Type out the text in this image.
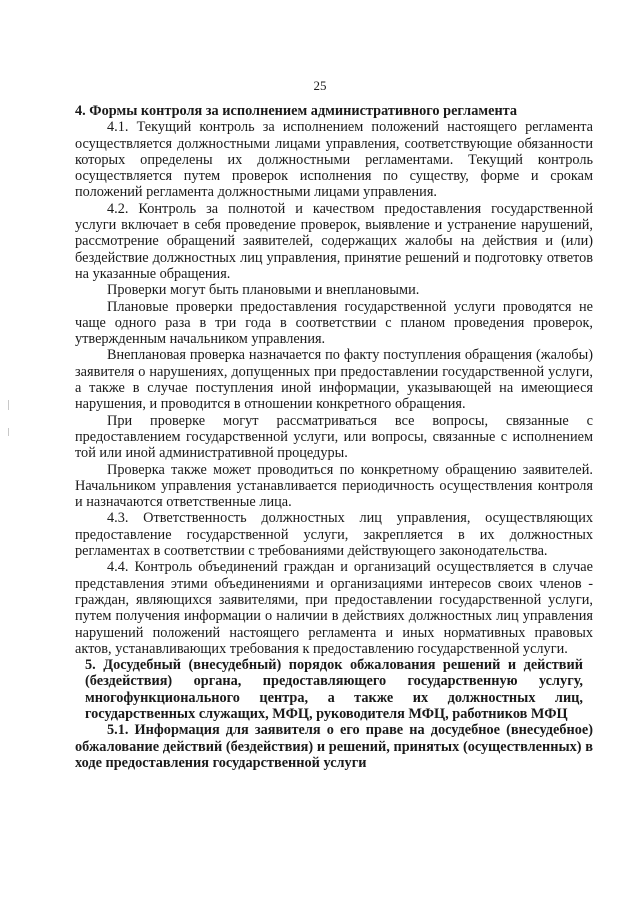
25

4. Формы контроля за исполнением административного регламента

4.1. Текущий контроль за исполнением положений настоящего регламента осуществляется должностными лицами управления, соответствующие обязанности которых определены их должностными регламентами. Текущий контроль осуществляется путем проверок исполнения по существу, форме и срокам положений регламента должностными лицами управления.

4.2. Контроль за полнотой и качеством предоставления государственной услуги включает в себя проведение проверок, выявление и устранение нарушений, рассмотрение обращений заявителей, содержащих жалобы на действия и (или) бездействие должностных лиц управления, принятие решений и подготовку ответов на указанные обращения.

Проверки могут быть плановыми и внеплановыми.

Плановые проверки предоставления государственной услуги проводятся не чаще одного раза в три года в соответствии с планом проведения проверок, утвержденным начальником управления.

Внеплановая проверка назначается по факту поступления обращения (жалобы) заявителя о нарушениях, допущенных при предоставлении государственной услуги, а также в случае поступления иной информации, указывающей на имеющиеся нарушения, и проводится в отношении конкретного обращения.

При проверке могут рассматриваться все вопросы, связанные с предоставлением государственной услуги, или вопросы, связанные с исполнением той или иной административной процедуры.

Проверка также может проводиться по конкретному обращению заявителей. Начальником управления устанавливается периодичность осуществления контроля и назначаются ответственные лица.

4.3. Ответственность должностных лиц управления, осуществляющих предоставление государственной услуги, закрепляется в их должностных регламентах в соответствии с требованиями действующего законодательства.

4.4. Контроль объединений граждан и организаций осуществляется в случае представления этими объединениями и организациями интересов своих членов - граждан, являющихся заявителями, при предоставлении государственной услуги, путем получения информации о наличии в действиях должностных лиц управления нарушений положений настоящего регламента и иных нормативных правовых актов, устанавливающих требования к предоставлению государственной услуги.

5. Досудебный (внесудебный) порядок обжалования решений и действий (бездействия) органа, предоставляющего государственную услугу, многофункционального центра, а также их должностных лиц, государственных служащих, МФЦ, руководителя МФЦ, работников МФЦ

5.1. Информация для заявителя о его праве на досудебное (внесудебное) обжалование действий (бездействия) и решений, принятых (осуществленных) в ходе предоставления государственной услуги
